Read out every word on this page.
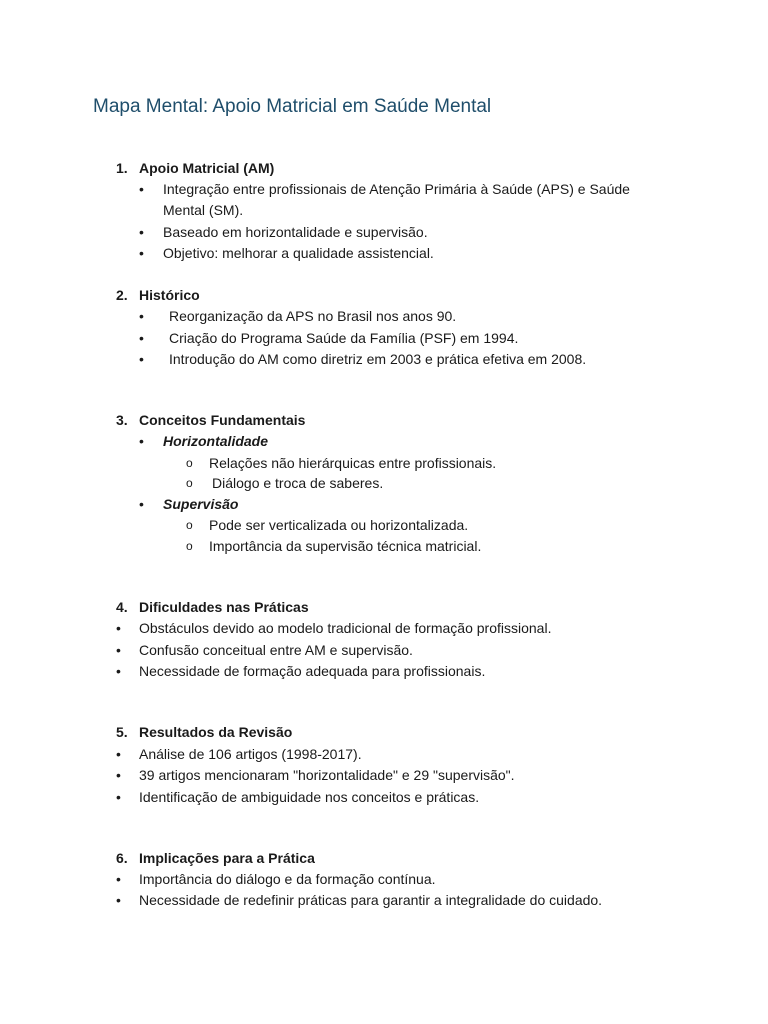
Mapa Mental: Apoio Matricial em Saúde Mental
1. Apoio Matricial (AM)
• Integração entre profissionais de Atenção Primária à Saúde (APS) e Saúde
Mental (SM).
• Baseado em horizontalidade e supervisão.
• Objetivo: melhorar a qualidade assistencial.
2. Histórico
• Reorganização da APS no Brasil nos anos 90.
• Criação do Programa Saúde da Família (PSF) em 1994.
• Introdução do AM como diretriz em 2003 e prática efetiva em 2008.
3. Conceitos Fundamentais
• Horizontalidade
o Relações não hierárquicas entre profissionais.
o Diálogo e troca de saberes.
• Supervisão
o Pode ser verticalizada ou horizontalizada.
o Importância da supervisão técnica matricial.
4. Dificuldades nas Práticas
• Obstáculos devido ao modelo tradicional de formação profissional.
• Confusão conceitual entre AM e supervisão.
• Necessidade de formação adequada para profissionais.
5. Resultados da Revisão
• Análise de 106 artigos (1998-2017).
• 39 artigos mencionaram "horizontalidade" e 29 "supervisão".
• Identificação de ambiguidade nos conceitos e práticas.
6. Implicações para a Prática
• Importância do diálogo e da formação contínua.
• Necessidade de redefinir práticas para garantir a integralidade do cuidado.
